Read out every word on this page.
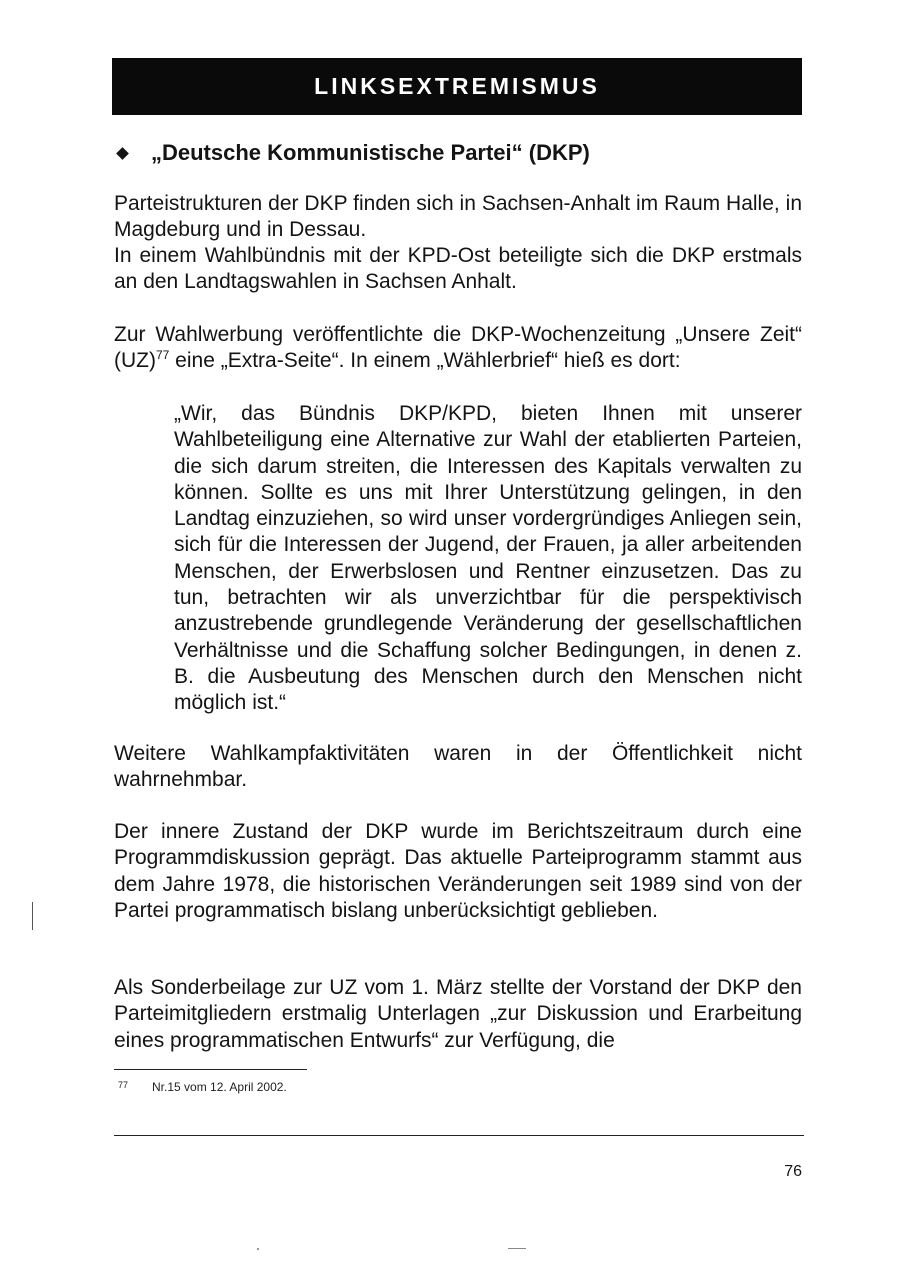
LINKSEXTREMISMUS
„Deutsche Kommunistische Partei“ (DKP)

Parteistrukturen der DKP finden sich in Sachsen-Anhalt im Raum Halle, in Magdeburg und in Dessau.

In einem Wahlbündnis mit der KPD-Ost beteiligte sich die DKP erstmals an den Landtagswahlen in Sachsen Anhalt.

Zur Wahlwerbung veröffentlichte die DKP-Wochenzeitung „Unsere Zeit“ (UZ)$^{77}$ eine „Extra-Seite“. In einem „Wählerbrief“ hieß es dort:

„Wir, das Bündnis DKP/KPD, bieten Ihnen mit unserer Wahlbeteiligung eine Alternative zur Wahl der etablierten Parteien, die sich darum streiten, die Interessen des Kapitals verwalten zu können. Sollte es uns mit Ihrer Unterstützung gelingen, in den Landtag einzuziehen, so wird unser vordergründiges Anliegen sein, sich für die Interessen der Jugend, der Frauen, ja aller arbeitenden Menschen, der Erwerbslosen und Rentner einzusetzen. Das zu tun, betrachten wir als unverzichtbar für die perspektivisch anzustrebende grundlegende Veränderung der gesellschaftlichen Verhältnisse und die Schaffung solcher Bedingungen, in denen z. B. die Ausbeutung des Menschen durch den Menschen nicht möglich ist.“

Weitere Wahlkampfaktivitäten waren in der Öffentlichkeit nicht wahrnehmbar.

Der innere Zustand der DKP wurde im Berichtszeitraum durch eine Programmdiskussion geprägt. Das aktuelle Parteiprogramm stammt aus dem Jahre 1978, die historischen Veränderungen seit 1989 sind von der Partei programmatisch bislang unberücksichtigt geblieben.

Als Sonderbeilage zur UZ vom 1. März stellte der Vorstand der DKP den Parteimitgliedern erstmalig Unterlagen „zur Diskussion und Erarbeitung eines programmatischen Entwurfs“ zur Verfügung, die

$^{77}$ Nr.15 vom 12. April 2002.
76
